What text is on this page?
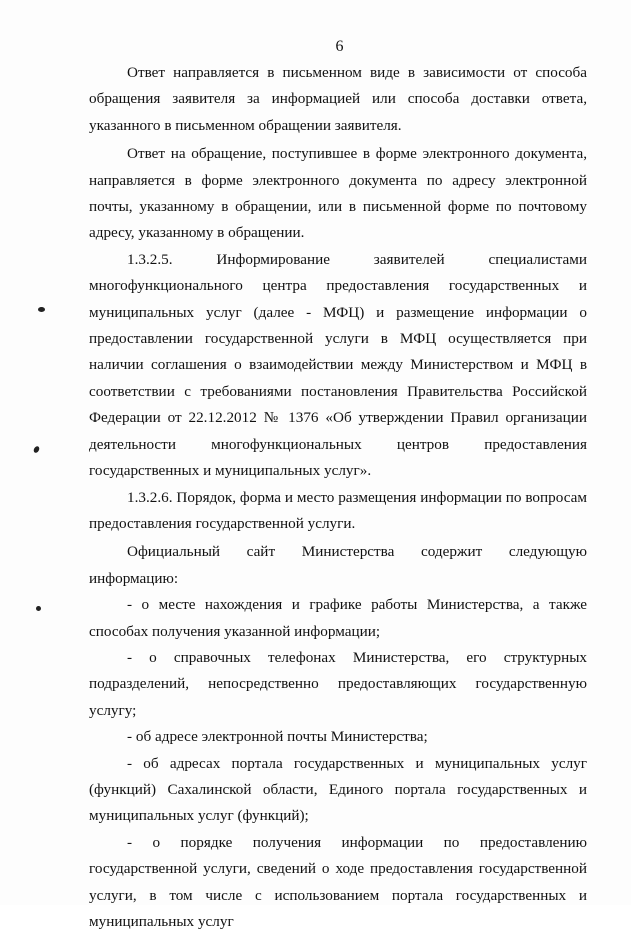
6

Ответ направляется в письменном виде в зависимости от способа обращения заявителя за информацией или способа доставки ответа, указанного в письменном обращении заявителя.

Ответ на обращение, поступившее в форме электронного документа, направляется в форме электронного документа по адресу электронной почты, указанному в обращении, или в письменной форме по почтовому адресу, указанному в обращении.

1.3.2.5. Информирование заявителей специалистами многофункционального центра предоставления государственных и муниципальных услуг (далее - МФЦ) и размещение информации о предоставлении государственной услуги в МФЦ осуществляется при наличии соглашения о взаимодействии между Министерством и МФЦ в соответствии с требованиями постановления Правительства Российской Федерации от 22.12.2012 № 1376 «Об утверждении Правил организации деятельности многофункциональных центров предоставления государственных и муниципальных услуг».

1.3.2.6. Порядок, форма и место размещения информации по вопросам предоставления государственной услуги.

Официальный сайт Министерства содержит следующую информацию:

- о месте нахождения и графике работы Министерства, а также способах получения указанной информации;

- о справочных телефонах Министерства, его структурных подразделений, непосредственно предоставляющих государственную услугу;

- об адресе электронной почты Министерства;

- об адресах портала государственных и муниципальных услуг (функций) Сахалинской области, Единого портала государственных и муниципальных услуг (функций);

- о порядке получения информации по предоставлению государственной услуги, сведений о ходе предоставления государственной услуги, в том числе с использованием портала государственных и муниципальных услуг
